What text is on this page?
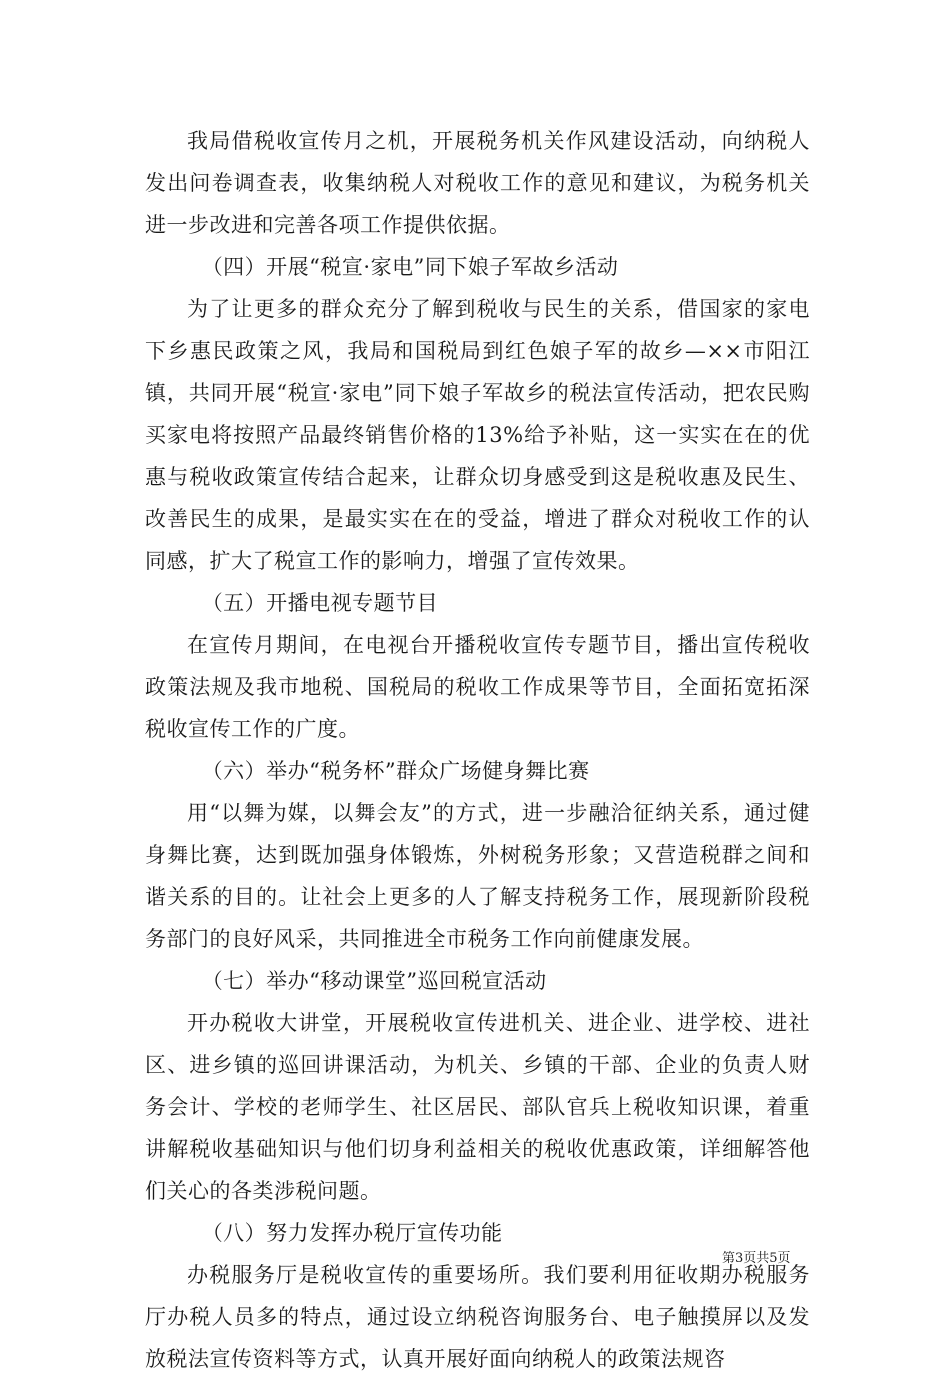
我局借税收宣传月之机，开展税务机关作风建设活动，向纳税人发出问卷调查表，收集纳税人对税收工作的意见和建议，为税务机关进一步改进和完善各项工作提供依据。

（四）开展“税宣·家电”同下娘子军故乡活动

为了让更多的群众充分了解到税收与民生的关系，借国家的家电下乡惠民政策之风，我局和国税局到红色娘子军的故乡—××市阳江镇，共同开展“税宣·家电”同下娘子军故乡的税法宣传活动，把农民购买家电将按照产品最终销售价格的13%给予补贴，这一实实在在的优惠与税收政策宣传结合起来，让群众切身感受到这是税收惠及民生、改善民生的成果，是最实实在在的受益，增进了群众对税收工作的认同感，扩大了税宣工作的影响力，增强了宣传效果。

（五）开播电视专题节目

在宣传月期间，在电视台开播税收宣传专题节目，播出宣传税收政策法规及我市地税、国税局的税收工作成果等节目，全面拓宽拓深税收宣传工作的广度。

（六）举办“税务杯”群众广场健身舞比赛

用“以舞为媒，以舞会友”的方式，进一步融洽征纳关系，通过健身舞比赛，达到既加强身体锻炼，外树税务形象；又营造税群之间和谐关系的目的。让社会上更多的人了解支持税务工作，展现新阶段税务部门的良好风采，共同推进全市税务工作向前健康发展。

（七）举办“移动课堂”巡回税宣活动

开办税收大讲堂，开展税收宣传进机关、进企业、进学校、进社区、进乡镇的巡回讲课活动，为机关、乡镇的干部、企业的负责人财务会计、学校的老师学生、社区居民、部队官兵上税收知识课，着重讲解税收基础知识与他们切身利益相关的税收优惠政策，详细解答他们关心的各类涉税问题。

（八）努力发挥办税厅宣传功能

办税服务厅是税收宣传的重要场所。我们要利用征收期办税服务厅办税人员多的特点，通过设立纳税咨询服务台、电子触摸屏以及发放税法宣传资料等方式，认真开展好面向纳税人的政策法规咨

第3页共5页
